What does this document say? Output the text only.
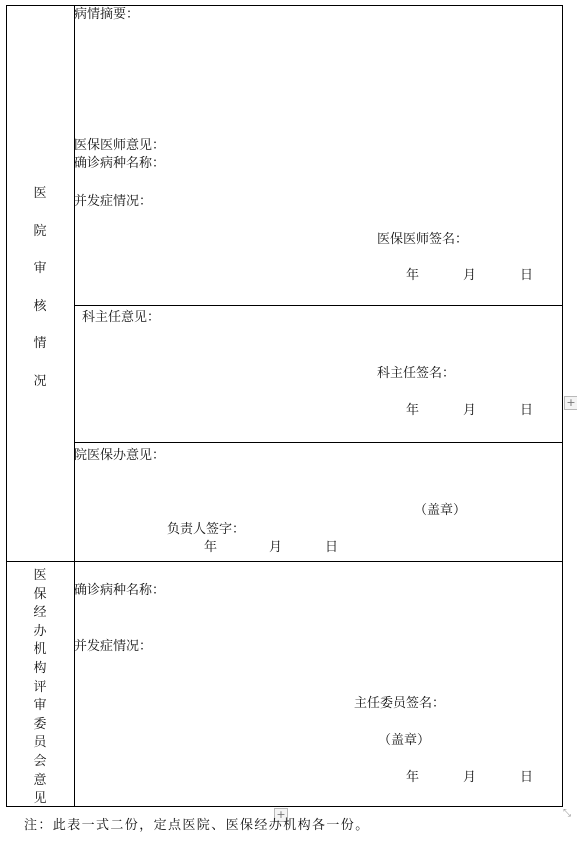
医
院
审
核
情
况
病情摘要：
医保医师意见：
确诊病种名称：
并发症情况：
医保医师签名：
年	月	日
科主任意见：
科主任签名：
年	月	日
院医保办意见：
（盖章）
负责人签字：
年	月	日
医
保
经
办
机
构
评
审
委
员
会
意
见
确诊病种名称：
并发症情况：
主任委员签名：
（盖章）
年	月	日
+
+	⤡
注：此表一式二份，定点医院、医保经办机构各一份。
